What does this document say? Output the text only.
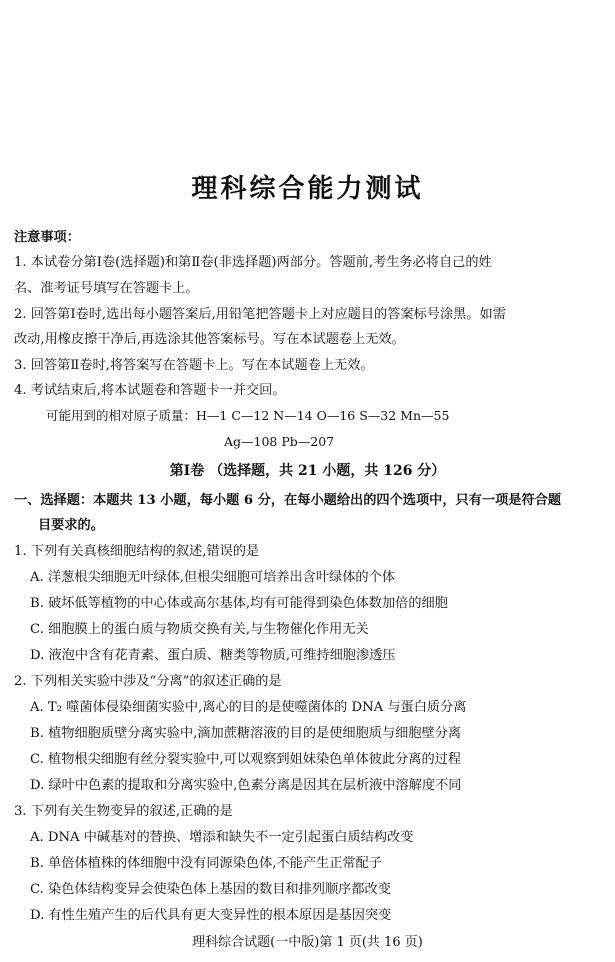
理科综合能力测试
注意事项：
1. 本试卷分第Ⅰ卷(选择题)和第Ⅱ卷(非选择题)两部分。答题前,考生务必将自己的姓
名、准考证号填写在答题卡上。
2. 回答第Ⅰ卷时,选出每小题答案后,用铅笔把答题卡上对应题目的答案标号涂黑。如需
改动,用橡皮擦干净后,再选涂其他答案标号。写在本试题卷上无效。
3. 回答第Ⅱ卷时,将答案写在答题卡上。写在本试题卷上无效。
4. 考试结束后,将本试题卷和答题卡一并交回。
可能用到的相对原子质量：H—1 C—12 N—14 O—16 S—32 Mn—55
Ag—108 Pb—207
第Ⅰ卷 （选择题，共 21 小题，共 126 分）
一、选择题：本题共 13 小题，每小题 6 分，在每小题给出的四个选项中，只有一项是符合题
目要求的。
1. 下列有关真核细胞结构的叙述,错误的是
A. 洋葱根尖细胞无叶绿体,但根尖细胞可培养出含叶绿体的个体
B. 破坏低等植物的中心体或高尔基体,均有可能得到染色体数加倍的细胞
C. 细胞膜上的蛋白质与物质交换有关,与生物催化作用无关
D. 液泡中含有花青素、蛋白质、糖类等物质,可维持细胞渗透压
2. 下列相关实验中涉及“分离”的叙述正确的是
A. T₂ 噬菌体侵染细菌实验中,离心的目的是使噬菌体的 DNA 与蛋白质分离
B. 植物细胞质壁分离实验中,滴加蔗糖溶液的目的是使细胞质与细胞壁分离
C. 植物根尖细胞有丝分裂实验中,可以观察到姐妹染色单体彼此分离的过程
D. 绿叶中色素的提取和分离实验中,色素分离是因其在层析液中溶解度不同
3. 下列有关生物变异的叙述,正确的是
A. DNA 中碱基对的替换、增添和缺失不一定引起蛋白质结构改变
B. 单倍体植株的体细胞中没有同源染色体,不能产生正常配子
C. 染色体结构变异会使染色体上基因的数目和排列顺序都改变
D. 有性生殖产生的后代具有更大变异性的根本原因是基因突变
理科综合试题(一中版)第 1 页(共 16 页)
